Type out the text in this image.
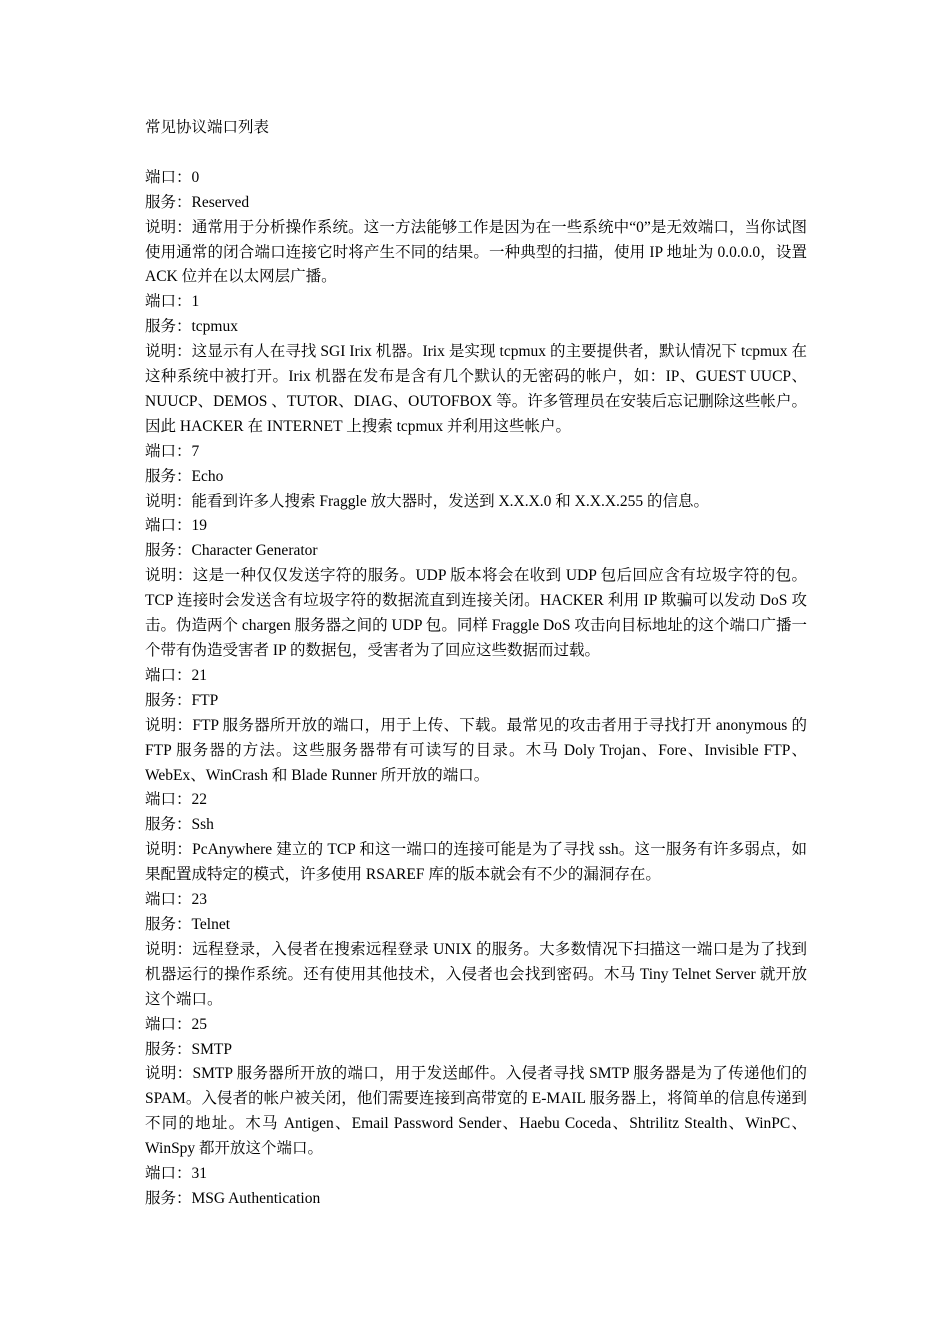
常见协议端口列表

端口：0

服务：Reserved

说明：通常用于分析操作系统。这一方法能够工作是因为在一些系统中“0”是无效端口，当你试图使用通常的闭合端口连接它时将产生不同的结果。一种典型的扫描，使用 IP 地址为 0.0.0.0，设置 ACK 位并在以太网层广播。

端口：1

服务：tcpmux

说明：这显示有人在寻找 SGI Irix 机器。Irix 是实现 tcpmux 的主要提供者，默认情况下 tcpmux 在这种系统中被打开。Irix 机器在发布是含有几个默认的无密码的帐户，如：IP、GUEST UUCP、NUUCP、DEMOS 、TUTOR、DIAG、OUTOFBOX 等。许多管理员在安装后忘记删除这些帐户。因此 HACKER 在 INTERNET 上搜索 tcpmux 并利用这些帐户。

端口：7

服务：Echo

说明：能看到许多人搜索 Fraggle 放大器时，发送到 X.X.X.0 和 X.X.X.255 的信息。

端口：19

服务：Character Generator

说明：这是一种仅仅发送字符的服务。UDP 版本将会在收到 UDP 包后回应含有垃圾字符的包。TCP 连接时会发送含有垃圾字符的数据流直到连接关闭。HACKER 利用 IP 欺骗可以发动 DoS 攻击。伪造两个 chargen 服务器之间的 UDP 包。同样 Fraggle DoS 攻击向目标地址的这个端口广播一个带有伪造受害者 IP 的数据包，受害者为了回应这些数据而过载。

端口：21

服务：FTP

说明：FTP 服务器所开放的端口，用于上传、下载。最常见的攻击者用于寻找打开 anonymous 的 FTP 服务器的方法。这些服务器带有可读写的目录。木马 Doly Trojan、Fore、Invisible FTP、WebEx、WinCrash 和 Blade Runner 所开放的端口。

端口：22

服务：Ssh

说明：PcAnywhere 建立的 TCP 和这一端口的连接可能是为了寻找 ssh。这一服务有许多弱点，如果配置成特定的模式，许多使用 RSAREF 库的版本就会有不少的漏洞存在。

端口：23

服务：Telnet

说明：远程登录，入侵者在搜索远程登录 UNIX 的服务。大多数情况下扫描这一端口是为了找到机器运行的操作系统。还有使用其他技术，入侵者也会找到密码。木马 Tiny Telnet Server 就开放这个端口。

端口：25

服务：SMTP

说明：SMTP 服务器所开放的端口，用于发送邮件。入侵者寻找 SMTP 服务器是为了传递他们的 SPAM。入侵者的帐户被关闭，他们需要连接到高带宽的 E-MAIL 服务器上，将简单的信息传递到不同的地址。木马 Antigen、Email Password Sender、Haebu Coceda、Shtrilitz Stealth、WinPC、WinSpy 都开放这个端口。

端口：31

服务：MSG Authentication
